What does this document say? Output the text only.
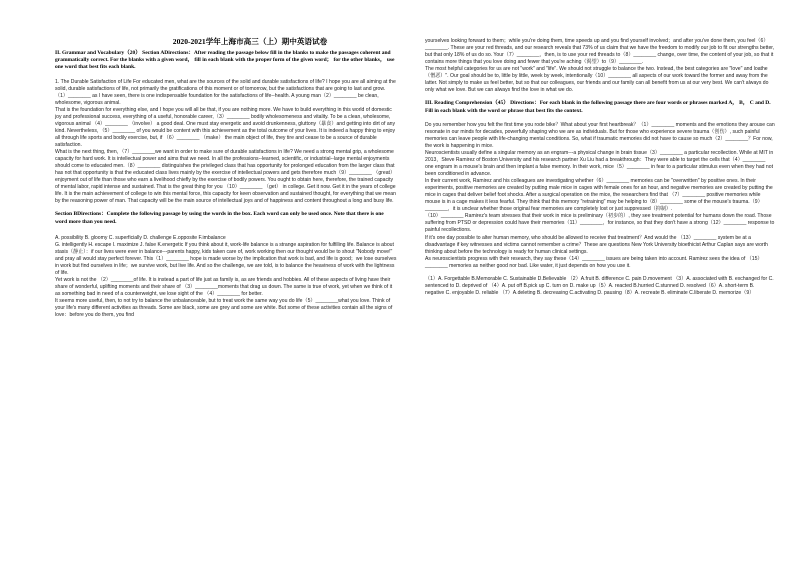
2020-2021学年上海市高三（上）期中英语试卷
II. Grammar and Vocabulary（20） Section ADirections：After reading the passage below fill in the blanks to make the passages coherent and grammatically correct. For the blanks with a given word， fill in each blank with the proper form of the given word； for the other blanks， use one word that best fits each blank.

1. The Durable Satisfaction of Life For educated men, what are the sources of the solid and durable satisfactions of life? I hope you are all aiming at the solid, durable satisfactions of life, not primarily the gratifications of this moment or of tomorrow, but the satisfactions that are going to last and grow.

（1）________ as I have seen, there is one indispensable foundation for the satisfactions of life--health. A young man（2）________ be clean, wholesome, vigorous animal.

That is the foundation for everything else, and I hope you will all be that, if you are nothing more. We have to build everything in this world of domestic joy and professional success, everything of a useful, honorable career,（3）________ bodily wholesomeness and vitality. To be a clean, wholesome, vigorous animal （4）________ （involve） a good deal. One must stay energetic and avoid drunkenness, gluttony（暴食）and getting into dirt of any kind. Nevertheless，（5）________ of you would be content with this achievement as the total outcome of your lives. It is indeed a happy thing to enjoy all through life sports and bodily exercise, but, if （6）________ （make） the main object of life, they tire and cease to be a source of durable satisfaction.

What is the next thing, then，（7）________we want in order to make sure of durable satisfactions in life? We need a strong mental grip, a wholesome capacity for hard work. It is intellectual power and aims that we need. In all the professions--learned, scientific, or industrial--large mental enjoyments should come to educated men.（8）________ distinguishes the privileged class that has opportunity for prolonged education from the larger class that has not that opportunity is that the educated class lives mainly by the exercise of intellectual powers and gets therefore much（9）________ （great） enjoyment out of life than those who earn a livelihood chiefly by the exercise of bodily powers. You ought to obtain here, therefore, the trained capacity of mental labor, rapid intense and sustained. That is the great thing for you （10）________ （get） in college. Get it now. Get it in the years of college life. It is the main achievement of college to win this mental force, this capacity for keen observation and sustained thought, for everything that we mean by the reasoning power of man. That capacity will be the main source of intellectual joys and of happiness and content throughout a long and busy life.

Section BDirections：Complete the following passage by using the words in the box. Each word can only be used once. Note that there is one word more than you need.

A. possibility B. gloomy C. superficially D. challenge E.opposite F.imbalance

G. intelligently H. escape I. maximize J. false K.energetic If you think about it, work-life balance is a strange aspiration for fulfilling life. Balance is about stasis（静止）：if our lives were ever in balance---parents happy, kids taken care of, work working then our thought would be to shout "Nobody move!" and pray all would stay perfect forever. This（1）________ hope is made worse by the implication that work is bad, and life is good；we lose ourselves in work but find ourselves in life；we survive work, but live life. And so the challenge, we are told, is to balance the heaviness of work with the lightness of life.

Yet work is not the （2）________of life. It is instead a part of life just as family is, as are friends and hobbies. All of these aspects of living have their share of wonderful, uplifting moments and their share of （3）________moments that drag us down. The same is true of work, yet when we think of it as something bad in need of a counterweight, we lose sight of the （4）________ for better.

It seems more useful, then, to not try to balance the unbalanceable, but to treat work the same way you do life（5）________what you love. Think of your life's many different activities as threads. Some are black, some are grey and some are white. But some of these activities contain all the signs of love：before you do them, you find

yourselves looking forward to them；while you're doing them, time speeds up and you find yourself involved；and after you've done them, you feel（6）________. These are your red threads, and our research reveals that 73% of us claim that we have the freedom to modify our job to fit our strengths better, but that only 18% of us do so. Your（7）________，then, is to use your red threads to（8）________ change, over time, the content of your job, so that it contains more things that you love doing and fewer that you're aching（渴望）to（9）________.

The most helpful categories for us are not "work" and "life". We should not struggle to balance the two. Instead, the best categories are "love" and loathe（憎恶）". Our goal should be to, little by little, week by week, intentionally（10）________ all aspects of our work toward the former and away from the latter. Not simply to make us feel better, but so that our colleagues, our friends and our family can all benefit from us at our very best. We can't always do only what we love. But we can always find the love in what we do.

III. Reading Comprehension（45） Directions：For each blank in the following passage there are four words or phrases marked A， B， C and D. Fill in each blank with the word or phrase that best fits the context.

Do you remember how you felt the first time you rode bike？What about your first heartbreak？（1）________ moments and the emotions they arouse can resonate in our minds for decades, powerfully shaping who we are as individuals. But for those who experience severe trauma（创伤）, such painful memories can leave people with life-changing mental conditions. So, what if traumatic memories did not have to cause so much（2）________？For now, the work is happening in mice.

Neuroscientists usually define a singular memory as an engram---a physical change in brain tissue（3）________ a particular recollection. While at MIT in 2013，Steve Ramirez of Boston University and his research partner Xu Liu had a breakthrough：They were able to target the cells that（4）________ one engram in a mouse's brain and then implant a false memory. In their work, mice（5）________ in fear to a particular stimulus even when they had not been conditioned in advance.

In their current work, Ramirez and his colleagues are investigating whether（6）________ memories can be "overwritten" by positive ones. In their experiments, positive memories are created by putting male mice in cages with female ones for an hour, and negative memories are created by putting the mice in cages that deliver belief foot shocks. After a surgical operation on the mice, the researchers find that （7）________ positive memories while mouse is in a cage makes it less fearful. They think that this memory "retraining" may be helping to（8）________ some of the mouse's trauma.（9）________，it is unclear whether those original fear memories are completely lost or just suppressed（抑制）.

（10）________ Ramirez's team stresses that their work in mice is preliminary（初步的）, they see treatment potential for humans down the road. Those suffering from PTSD or depression could have their memories（11）________，for instance, so that they don't have a strong（12）________ response to painful recollections.

If it's one day possible to alter human memory, who should be allowed to receive that treatment？And would the （13）________ system be at a disadvantage if key witnesses and victims cannot remember a crime？These are questions New York University bioethicist Arthur Caplan says are worth thinking about before the technology is ready for human clinical settings.

As neuroscientists progress with their research, they say these（14）________ issues are being taken into account. Ramirez sees the idea of （15）________ memories as neither good nor bad. Like water, it just depends on how you use it.

（1）A. Forgettable B.Memorable C. Sustainable D.Believable （2）A.fruit B. difference C. pain D.movement （3）A. associated with B. exchanged for C. sentenced to D. deprived of （4）A. put off B.pick up C. turn on D. make up（5）A. reacted B.hurried C.stunned D. resolved（6）A. short-term B. negative C. enjoyable D. reliable （7）A.deleting B. decreasing C.activating D. pausing（8）A. recreate B. eliminate C.liberate D. memorize（9）
